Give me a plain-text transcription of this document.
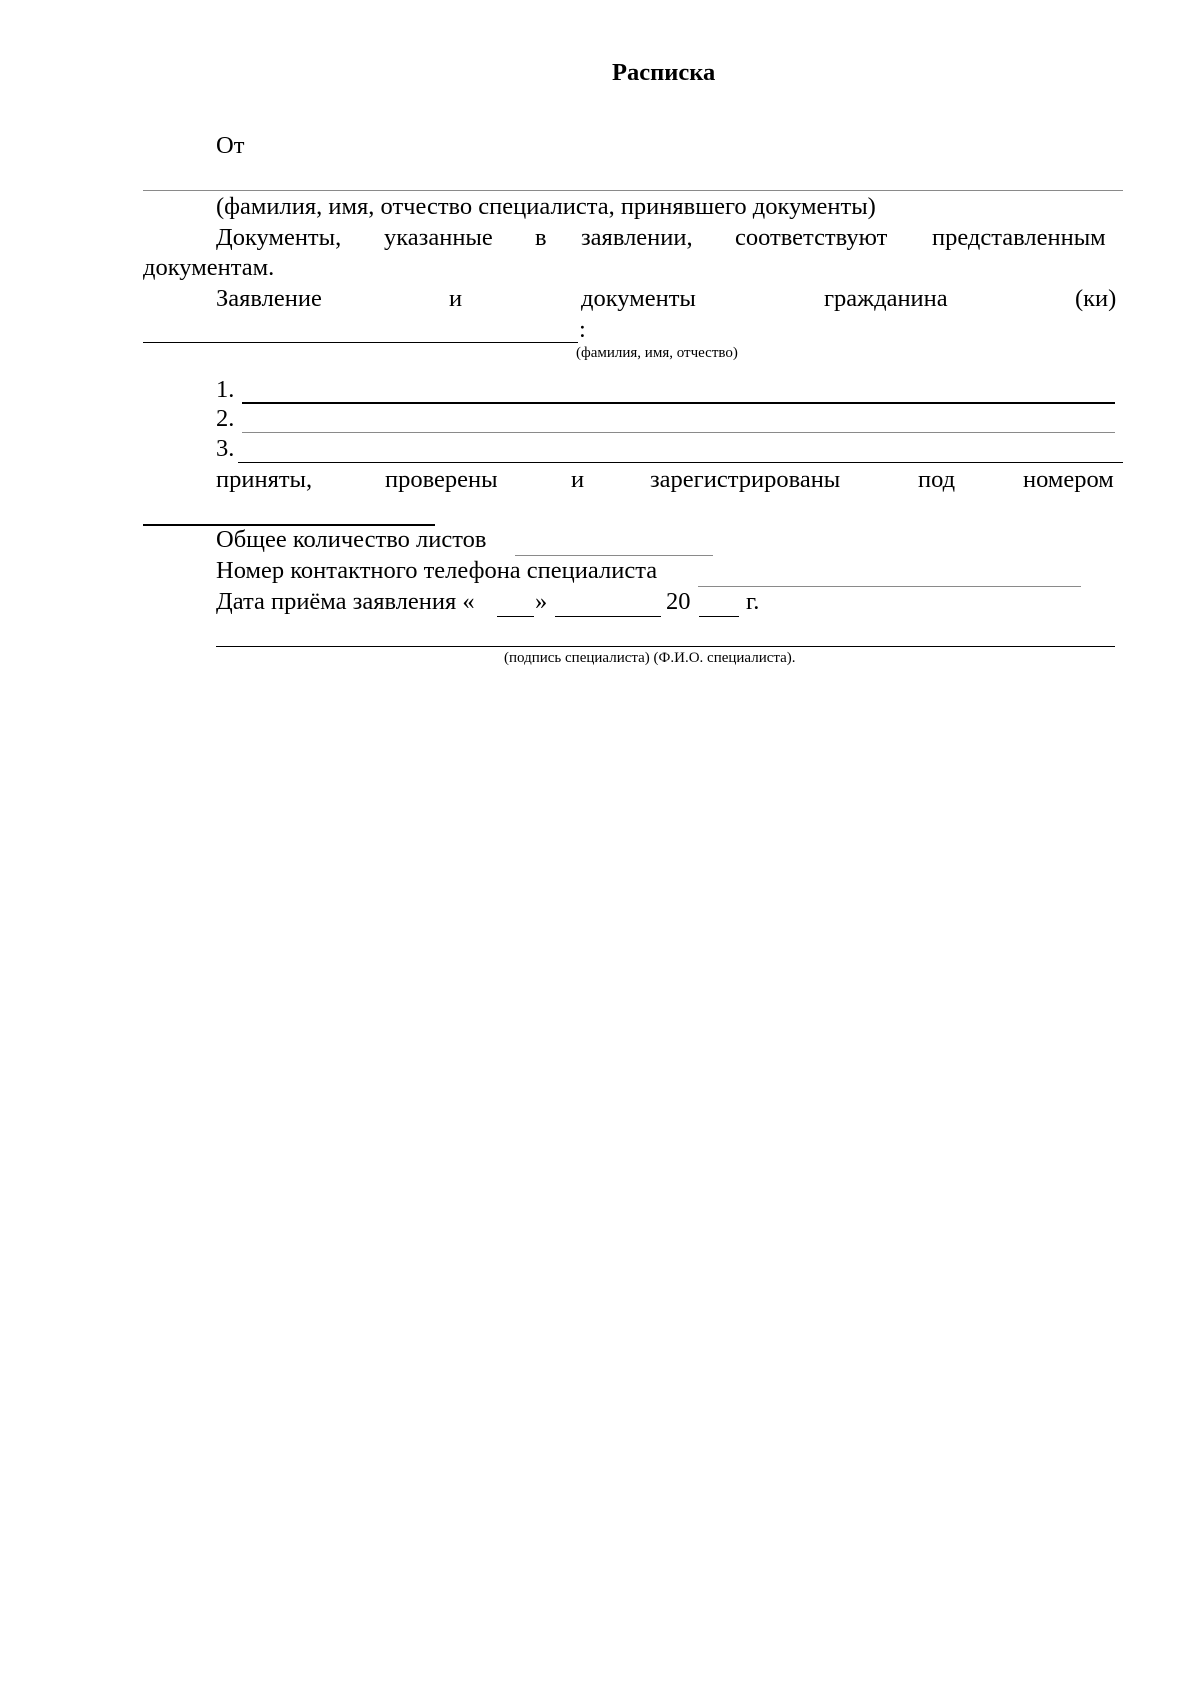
Расписка
От
(фамилия, имя, отчество специалиста, принявшего документы)
Документы, указанные в заявлении, соответствуют представленным
документам.
Заявление	и	документы	гражданина	(ки)
:
(фамилия, имя, отчество)
1.
2.
3.
приняты,	проверены	и	зарегистрированы	под	номером
Общее количество листов
Номер контактного телефона специалиста
Дата приёма заявления « »	20 г.
(подпись специалиста) (Ф.И.О. специалиста).
